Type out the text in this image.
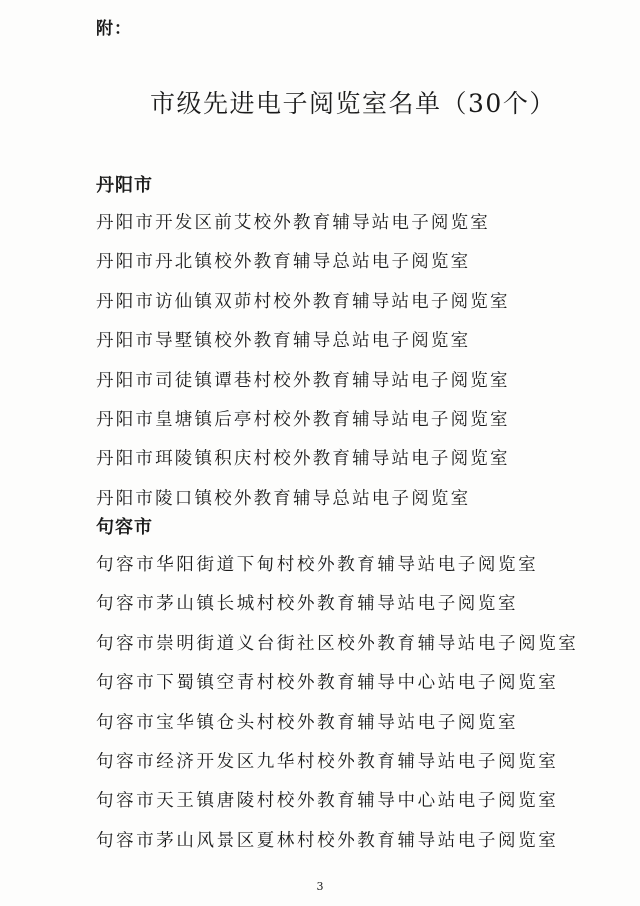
附：
市级先进电子阅览室名单（30个）
丹阳市
丹阳市开发区前艾校外教育辅导站电子阅览室
丹阳市丹北镇校外教育辅导总站电子阅览室
丹阳市访仙镇双茆村校外教育辅导站电子阅览室
丹阳市导墅镇校外教育辅导总站电子阅览室
丹阳市司徒镇谭巷村校外教育辅导站电子阅览室
丹阳市皇塘镇后亭村校外教育辅导站电子阅览室
丹阳市珥陵镇积庆村校外教育辅导站电子阅览室
丹阳市陵口镇校外教育辅导总站电子阅览室
句容市
句容市华阳街道下甸村校外教育辅导站电子阅览室
句容市茅山镇长城村校外教育辅导站电子阅览室
句容市崇明街道义台街社区校外教育辅导站电子阅览室
句容市下蜀镇空青村校外教育辅导中心站电子阅览室
句容市宝华镇仓头村校外教育辅导站电子阅览室
句容市经济开发区九华村校外教育辅导站电子阅览室
句容市天王镇唐陵村校外教育辅导中心站电子阅览室
句容市茅山风景区夏林村校外教育辅导站电子阅览室
3
